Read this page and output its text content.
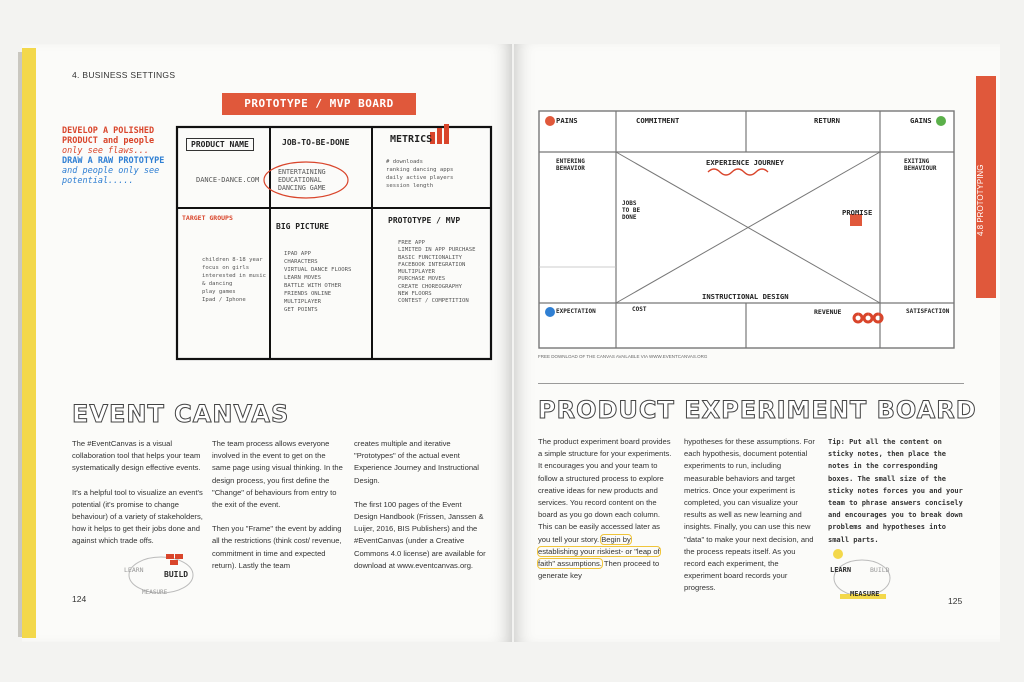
4. BUSINESS SETTINGS
PROTOTYPE / MVP BOARD
DEVELOP A POLISHED
PRODUCT and people
only see flaws...
DRAW A RAW PROTOTYPE
and people only see
potential.....
PRODUCT NAME
DANCE-DANCE.COM
JOB-TO-BE-DONE
ENTERTAINING
EDUCATIONAL
DANCING GAME
METRICS
# downloads
ranking dancing apps
daily active players
session length
TARGET GROUPS
children 8-18 year
focus on girls
interested in music & dancing
play games
Ipad / Iphone
BIG PICTURE
IPAD APP
CHARACTERS
VIRTUAL DANCE FLOORS
LEARN MOVES
BATTLE WITH OTHER FRIENDS ONLINE
MULTIPLAYER
GET POINTS
PROTOTYPE / MVP
FREE APP
LIMITED IN APP PURCHASE
BASIC FUNCTIONALITY
FACEBOOK INTEGRATION
MULTIPLAYER
PURCHASE MOVES
CREATE CHOREOGRAPHY
NEW FLOORS
CONTEST / COMPETITION
EVENT CANVAS
The #EventCanvas is a visual collaboration tool that helps your team systematically design effective events.
It's a helpful tool to visualize an event's potential (it's promise to change behaviour) of a variety of stakeholders, how it helps to get their jobs done and against which trade offs.
The team process allows everyone involved in the event to get on the same page using visual thinking. In the design process, you first define the "Change" of behaviours from entry to the exit of the event.
Then you "Frame" the event by adding all the restrictions (think cost/ revenue, commitment in time and expected return). Lastly the team
creates multiple and iterative "Prototypes" of the actual event Experience Journey and Instructional Design.
The first 100 pages of the Event Design Handbook (Frissen, Janssen & Luijer, 2016, BIS Publishers) and the #EventCanvas (under a Creative Commons 4.0 license) are available for download at www.eventcanvas.org.
LEARN	BUILD
MEASURE
124
4.8 PROTOTYPING
PAINS	COMMITMENT	RETURN	GAINS
ENTERING BEHAVIOR
EXITING BEHAVIOUR
EXPERIENCE JOURNEY
JOBS TO BE DONE
PROMISE
INSTRUCTIONAL DESIGN
EXPECTATION	COST	REVENUE	SATISFACTION
FREE DOWNLOAD OF THE CANVAS AVAILABLE VIA WWW.EVENTCANVAS.ORG
PRODUCT EXPERIMENT BOARD
The product experiment board provides a simple structure for your experiments. It encourages you and your team to follow a structured process to explore creative ideas for new products and services. You record content on the board as you go down each column. This can be easily accessed later as you tell your story. Begin by establishing your riskiest- or "leap of faith" assumptions. Then proceed to generate key
hypotheses for these assumptions. For each hypothesis, document potential experiments to run, including measurable behaviors and target metrics. Once your experiment is completed, you can visualize your results as well as new learning and insights. Finally, you can use this new "data" to make your next decision, and the process repeats itself. As you record each experiment, the experiment board records your progress.
Tip: Put all the content on sticky notes, then place the notes in the corresponding boxes. The small size of the sticky notes forces you and your team to phrase answers concisely and encourages you to break down problems and hypotheses into small parts.
LEARN	BUILD
MEASURE
125
